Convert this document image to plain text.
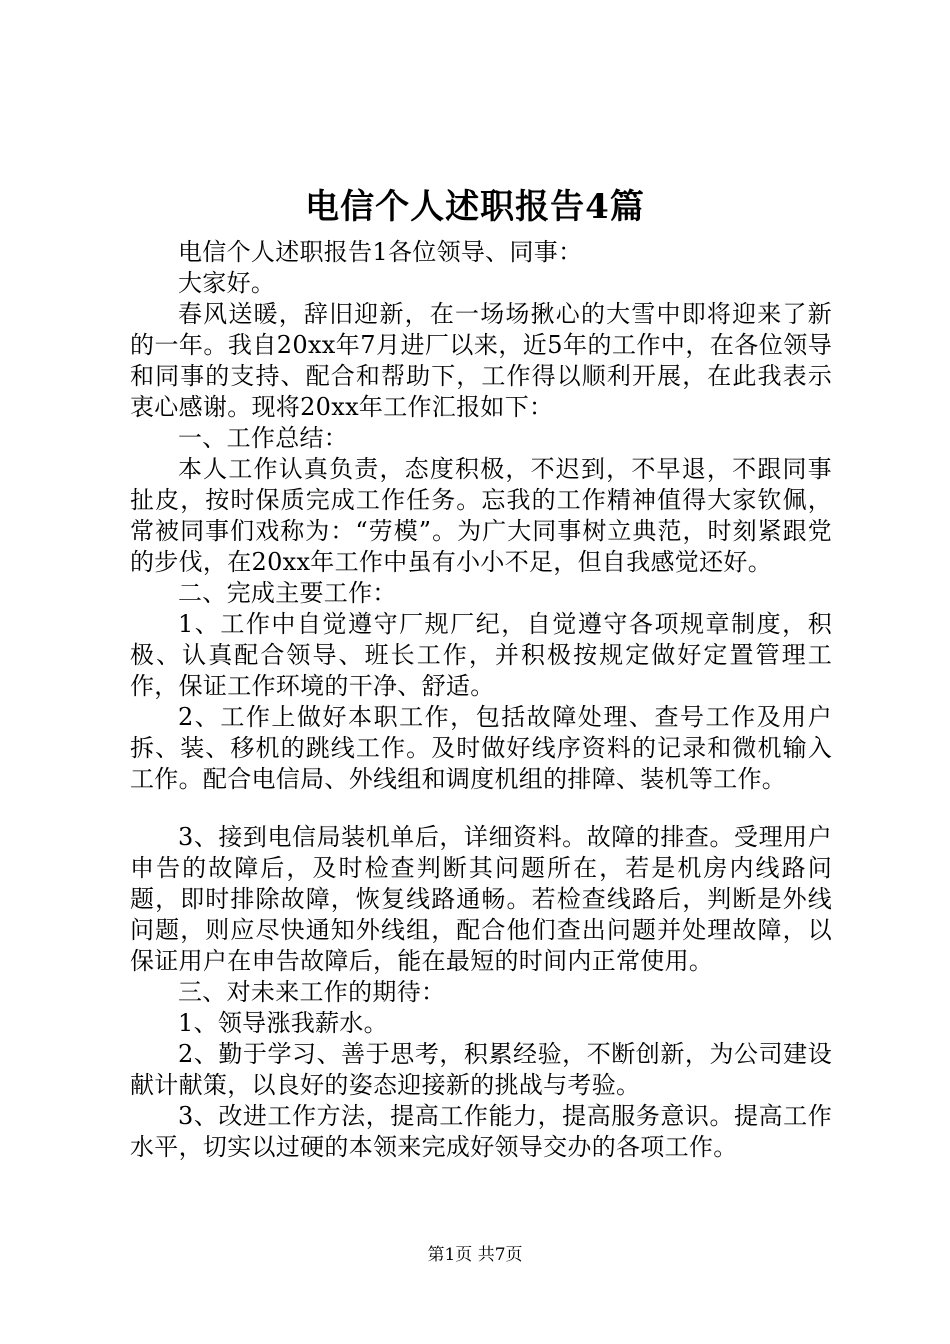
电信个人述职报告4篇

电信个人述职报告1各位领导、同事：

大家好。

春风送暖，辞旧迎新，在一场场揪心的大雪中即将迎来了新的一年。我自20xx年7月进厂以来，近5年的工作中，在各位领导和同事的支持、配合和帮助下，工作得以顺利开展，在此我表示衷心感谢。现将20xx年工作汇报如下：

一、工作总结：

本人工作认真负责，态度积极，不迟到，不早退，不跟同事扯皮，按时保质完成工作任务。忘我的工作精神值得大家钦佩，常被同事们戏称为：“劳模”。为广大同事树立典范，时刻紧跟党的步伐，在20xx年工作中虽有小小不足，但自我感觉还好。

二、完成主要工作：

1、工作中自觉遵守厂规厂纪，自觉遵守各项规章制度，积极、认真配合领导、班长工作，并积极按规定做好定置管理工作，保证工作环境的干净、舒适。

2、工作上做好本职工作，包括故障处理、查号工作及用户拆、装、移机的跳线工作。及时做好线序资料的记录和微机输入工作。配合电信局、外线组和调度机组的排障、装机等工作。

3、接到电信局装机单后，详细资料。故障的排查。受理用户申告的故障后，及时检查判断其问题所在，若是机房内线路问题，即时排除故障，恢复线路通畅。若检查线路后，判断是外线问题，则应尽快通知外线组，配合他们查出问题并处理故障，以保证用户在申告故障后，能在最短的时间内正常使用。

三、对未来工作的期待：

1、领导涨我薪水。

2、勤于学习、善于思考，积累经验，不断创新，为公司建设献计献策，以良好的姿态迎接新的挑战与考验。

3、改进工作方法，提高工作能力，提高服务意识。提高工作水平，切实以过硬的本领来完成好领导交办的各项工作。

第1页 共7页
